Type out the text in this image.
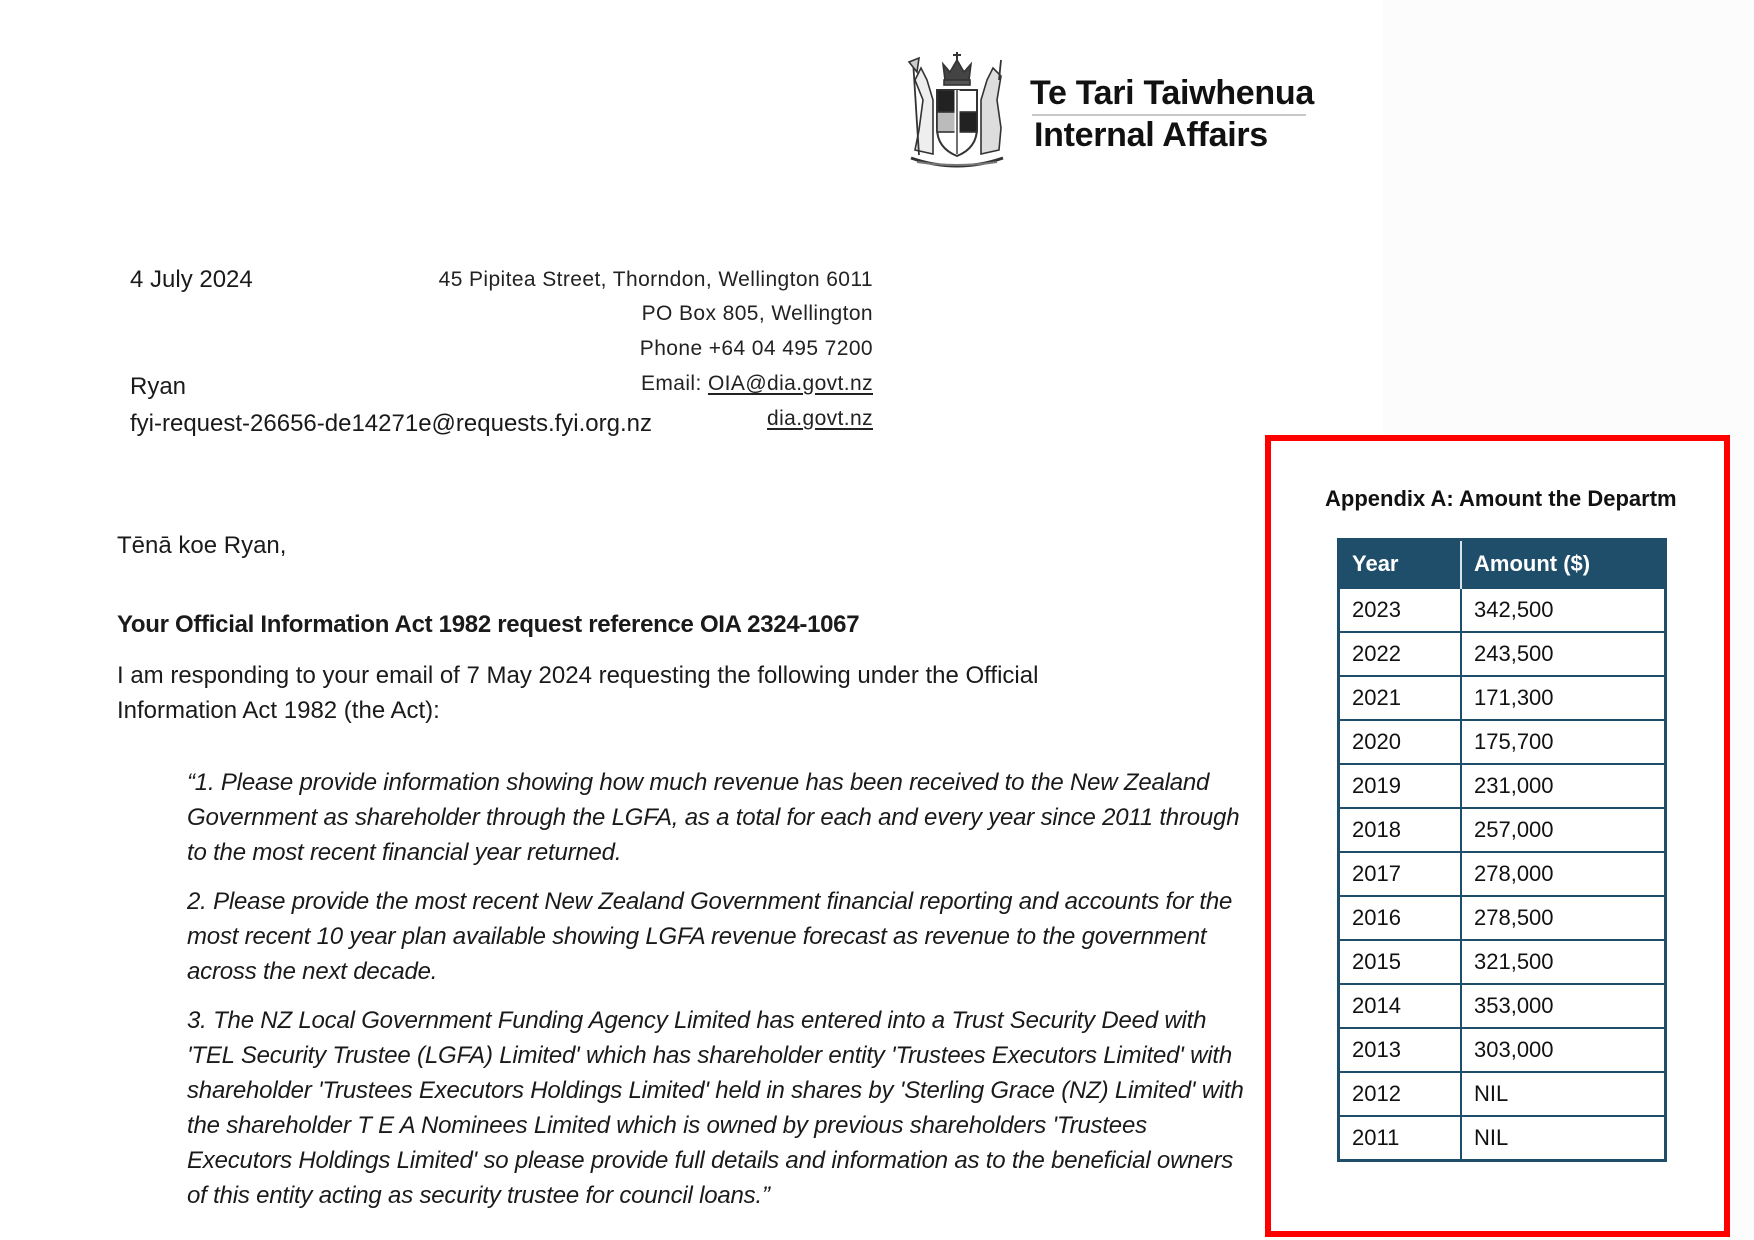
Te Tari Taiwhenua
Internal Affairs
4 July 2024	45 Pipitea Street, Thorndon, Wellington 6011
PO Box 805, Wellington
Phone +64 04 495 7200
Email: OIA@dia.govt.nz
dia.govt.nz
Ryan
fyi-request-26656-de14271e@requests.fyi.org.nz
Tēnā koe Ryan,
Your Official Information Act 1982 request reference OIA 2324-1067
I am responding to your email of 7 May 2024 requesting the following under the Official
Information Act 1982 (the Act):

“1. Please provide information showing how much revenue has been received to the New Zealand Government as shareholder through the LGFA, as a total for each and every year since 2011 through to the most recent financial year returned.

2. Please provide the most recent New Zealand Government financial reporting and accounts for the most recent 10 year plan available showing LGFA revenue forecast as revenue to the government across the next decade.

3. The NZ Local Government Funding Agency Limited has entered into a Trust Security Deed with 'TEL Security Trustee (LGFA) Limited' which has shareholder entity 'Trustees Executors Limited' with shareholder 'Trustees Executors Holdings Limited' held in shares by 'Sterling Grace (NZ) Limited' with the shareholder T E A Nominees Limited which is owned by previous shareholders 'Trustees Executors Holdings Limited' so please provide full details and information as to the beneficial owners of this entity acting as security trustee for council loans.”

Appendix A: Amount the Departm
Year	Amount ($)
2023	342,500
2022	243,500
2021	171,300
2020	175,700
2019	231,000
2018	257,000
2017	278,000
2016	278,500
2015	321,500
2014	353,000
2013	303,000
2012	NIL
2011	NIL
